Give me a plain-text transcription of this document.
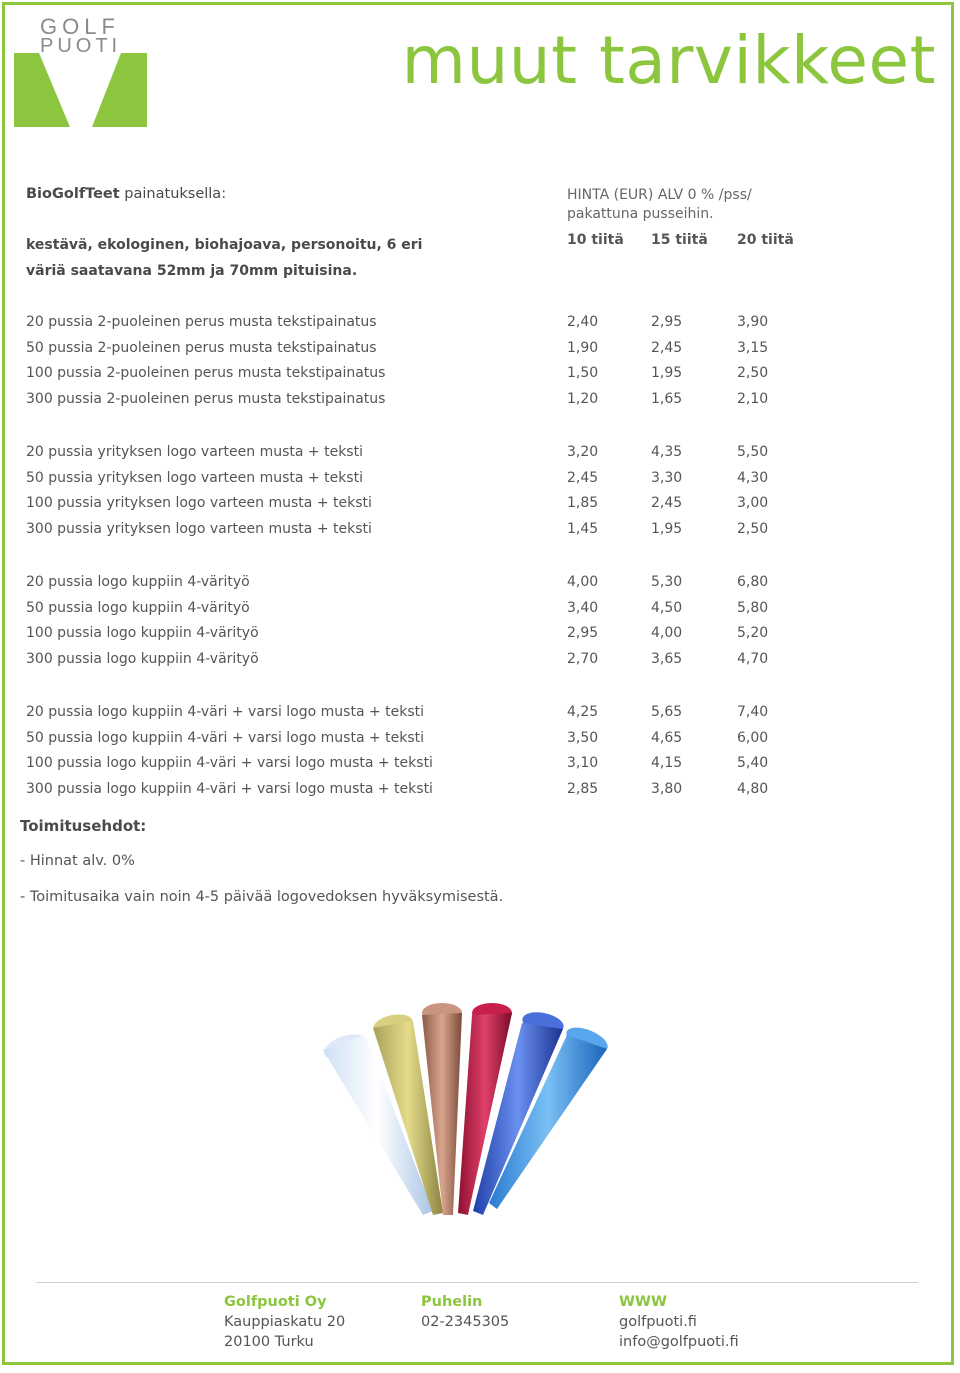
GOLF
PUOTI	muut tarvikkeet
BioGolfTeet painatuksella:	HINTA (EUR) ALV 0 % /pss/ pakattuna pusseihin.
kestävä, ekologinen, biohajoava, personoitu, 6 eri väriä saatavana 52mm ja 70mm pituisina.
10 tiitä 15 tiitä 20 tiitä
20 pussia 2-puoleinen perus musta tekstipainatus	2,40	2,95	3,90
50 pussia 2-puoleinen perus musta tekstipainatus	1,90	2,45	3,15
100 pussia 2-puoleinen perus musta tekstipainatus	1,50	1,95	2,50
300 pussia 2-puoleinen perus musta tekstipainatus	1,20	1,65	2,10
20 pussia yrityksen logo varteen musta + teksti	3,20	4,35	5,50
50 pussia yrityksen logo varteen musta + teksti	2,45	3,30	4,30
100 pussia yrityksen logo varteen musta + teksti	1,85	2,45	3,00
300 pussia yrityksen logo varteen musta + teksti	1,45	1,95	2,50
20 pussia logo kuppiin 4-värityö	4,00	5,30	6,80
50 pussia logo kuppiin 4-värityö	3,40	4,50	5,80
100 pussia logo kuppiin 4-värityö	2,95	4,00	5,20
300 pussia logo kuppiin 4-värityö	2,70	3,65	4,70
20 pussia logo kuppiin 4-väri + varsi logo musta + teksti	4,25	5,65	7,40
50 pussia logo kuppiin 4-väri + varsi logo musta + teksti	3,50	4,65	6,00
100 pussia logo kuppiin 4-väri + varsi logo musta + teksti	3,10	4,15	5,40
300 pussia logo kuppiin 4-väri + varsi logo musta + teksti	2,85	3,80	4,80
Toimitusehdot:
- Hinnat alv. 0%
- Toimitusaika vain noin 4-5 päivää logovedoksen hyväksymisestä.
Golfpuoti Oy
Kauppiaskatu 20
20100 Turku
Puhelin
02-2345305
WWW
golfpuoti.fi
info@golfpuoti.fi
